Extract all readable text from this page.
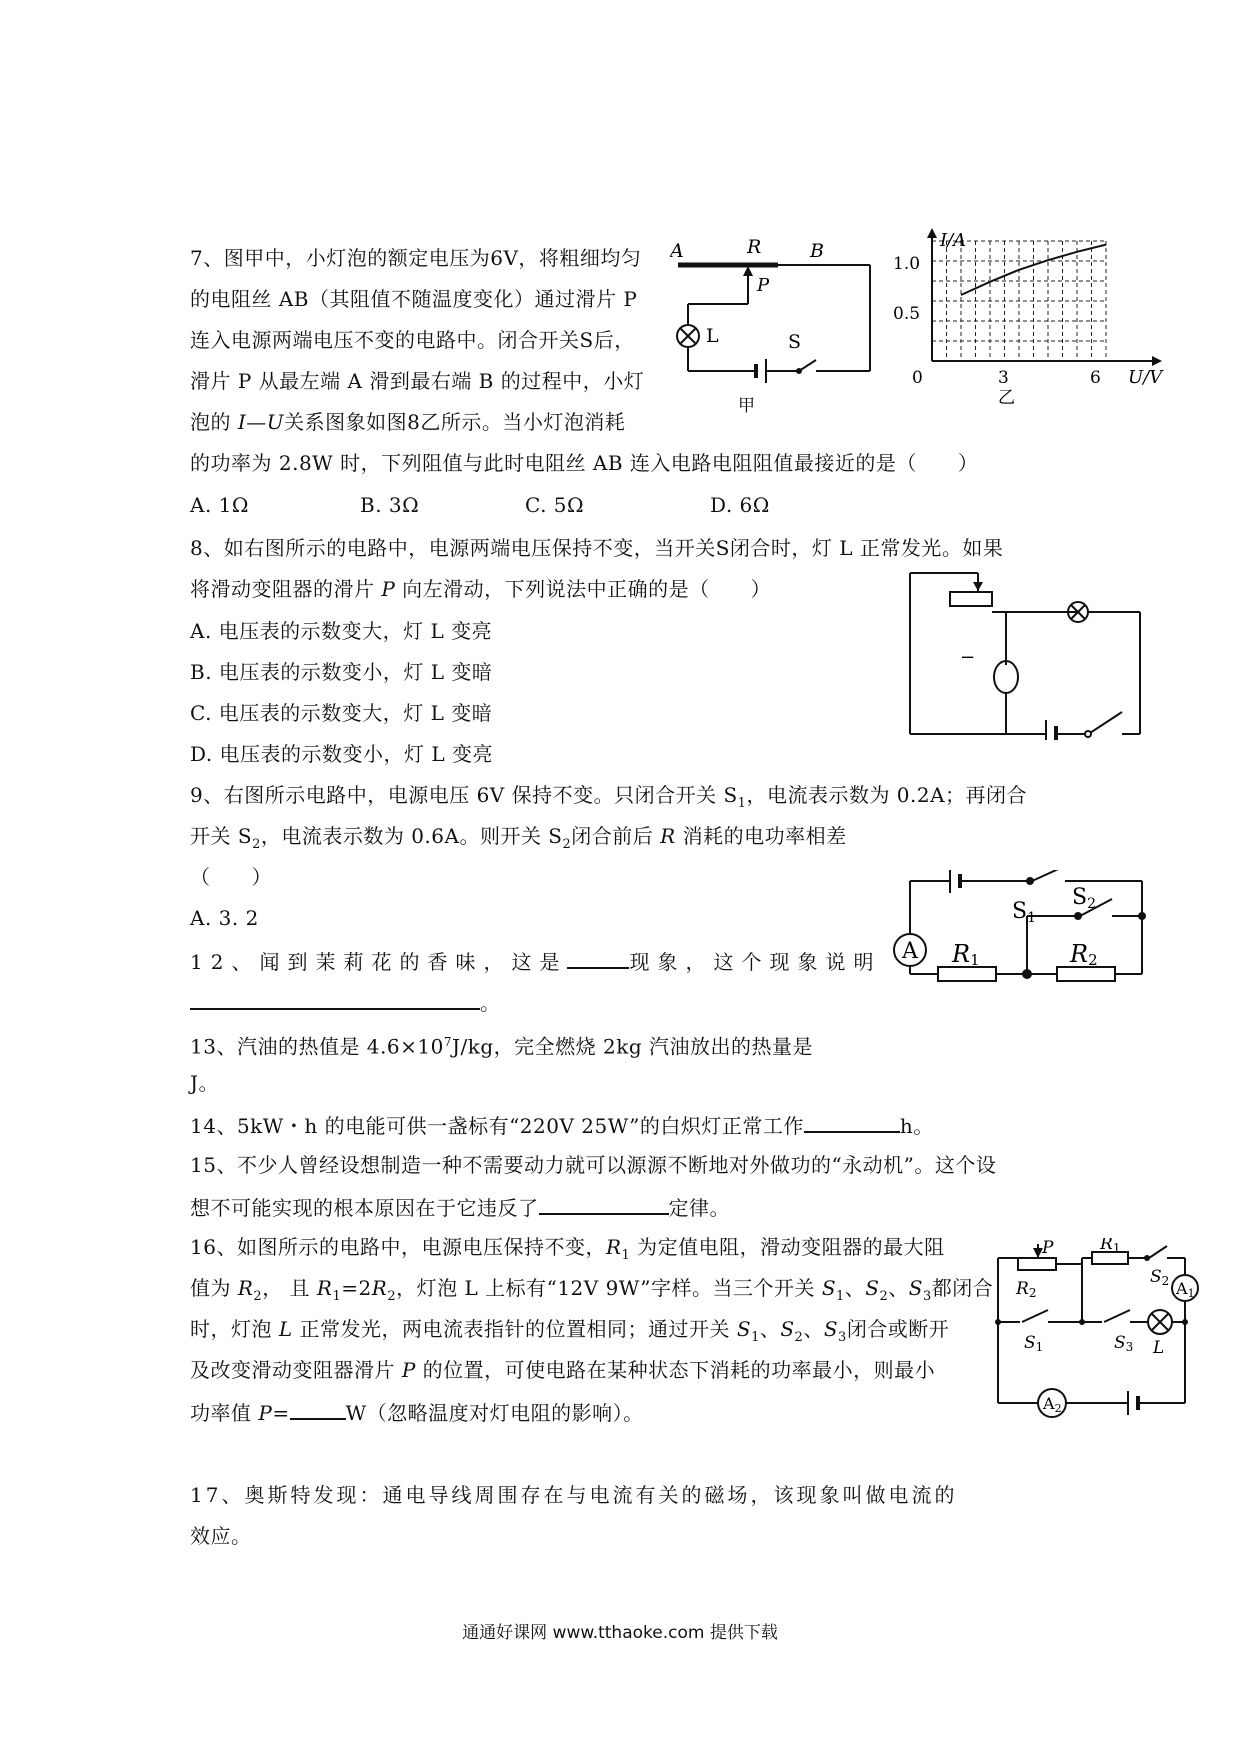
7、图甲中，小灯泡的额定电压为6V，将粗细均匀
的电阻丝 AB（其阻值不随温度变化）通过滑片 P
连入电源两端电压不变的电路中。闭合开关S后，
滑片 P 从最左端 A 滑到最右端 B 的过程中，小灯
泡的 I—U关系图象如图8乙所示。当小灯泡消耗
的功率为 2.8W 时，下列阻值与此时电阻丝 AB 连入电路电阻阻值最接近的是（　　）
A. 1Ω	B. 3Ω	C. 5Ω	D. 6Ω
A	R	B
P
L	S
甲
I/A
1.0
0.5
0	3	6 U/V
乙
8、如右图所示的电路中，电源两端电压保持不变，当开关S闭合时，灯 L 正常发光。如果
将滑动变阻器的滑片 P 向左滑动，下列说法中正确的是（　　）
A. 电压表的示数变大，灯 L 变亮
B. 电压表的示数变小，灯 L 变暗
C. 电压表的示数变大，灯 L 变暗
D. 电压表的示数变小，灯 L 变亮
−
9、右图所示电路中，电源电压 6V 保持不变。只闭合开关 $S_1$，电流表示数为 0.2A；再闭合
开关 $S_2$，电流表示数为 0.6A。则开关 $S_2$闭合前后 R 消耗的电功率相差
（　　）
A. 3. 2
A
S1
S2
R1	R2
12、闻到茉莉花的香味，这是	现象，这个现象说明
。
13、汽油的热值是 $4.6\times 10^7J/kg$，完全燃烧 2kg 汽油放出的热量是
J。
14、5kW・h 的电能可供一盏标有“220V 25W”的白炽灯正常工作	h。
15、不少人曾经设想制造一种不需要动力就可以源源不断地对外做功的“永动机”。这个设
想不可能实现的根本原因在于它违反了	定律。
16、如图所示的电路中，电源电压保持不变，$R_1$ 为定值电阻，滑动变阻器的最大阻
值为 $R_2$， 且 $R_1=2R_2$，灯泡 L 上标有“12V 9W”字样。当三个开关 $S_1$、$S_2$、$S_3$都闭合
时，灯泡 L 正常发光，两电流表指针的位置相同；通过开关 $S_1$、$S_2$、$S_3$闭合或断开
及改变滑动变阻器滑片 P 的位置，可使电路在某种状态下消耗的功率最小，则最小
功率值 P=	W（忽略温度对灯电阻的影响）。
P	R1
R2
S2 A1
S1	S3 L
A2
17、奥斯特发现：通电导线周围存在与电流有关的磁场，该现象叫做电流的
效应。
通通好课网 www.tthaoke.com 提供下载
